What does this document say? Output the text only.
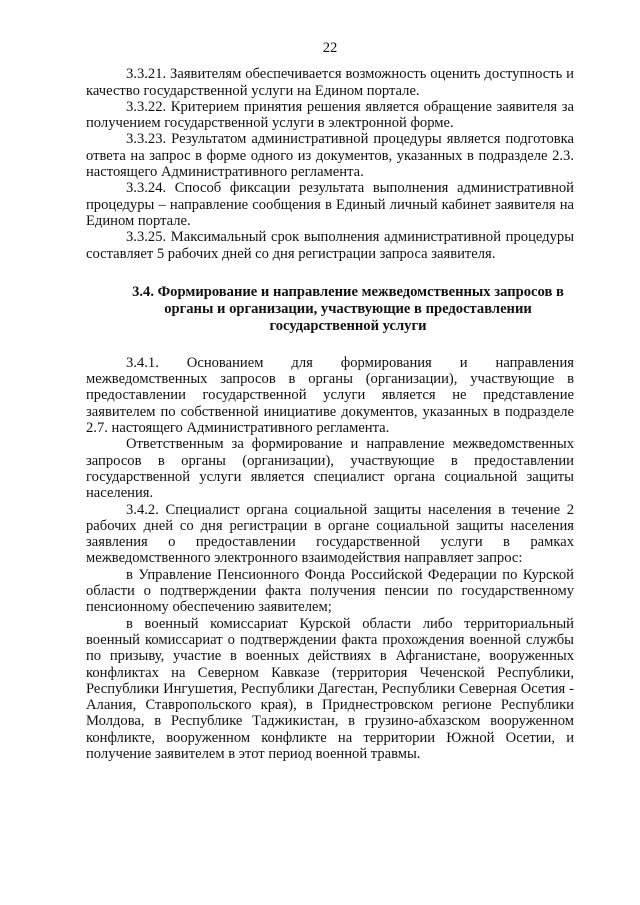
22

3.3.21. Заявителям обеспечивается возможность оценить доступность и качество государственной услуги на Едином портале.

3.3.22. Критерием принятия решения является обращение заявителя за получением государственной услуги в электронной форме.

3.3.23. Результатом административной процедуры является подготовка ответа на запрос в форме одного из документов, указанных в подразделе 2.3. настоящего Административного регламента.

3.3.24. Способ фиксации результата выполнения административной процедуры – направление сообщения в Единый личный кабинет заявителя на Едином портале.

3.3.25. Максимальный срок выполнения административной процедуры составляет 5 рабочих дней со дня регистрации запроса заявителя.

3.4. Формирование и направление межведомственных запросов в органы и организации, участвующие в предоставлении государственной услуги

3.4.1. Основанием для формирования и направления межведомственных запросов в органы (организации), участвующие в предоставлении государственной услуги является не представление заявителем по собственной инициативе документов, указанных в подразделе 2.7. настоящего Административного регламента.

Ответственным за формирование и направление межведомственных запросов в органы (организации), участвующие в предоставлении государственной услуги является специалист органа социальной защиты населения.

3.4.2. Специалист органа социальной защиты населения в течение 2 рабочих дней со дня регистрации в органе социальной защиты населения заявления о предоставлении государственной услуги в рамках межведомственного электронного взаимодействия направляет запрос:

в Управление Пенсионного Фонда Российской Федерации по Курской области о подтверждении факта получения пенсии по государственному пенсионному обеспечению заявителем;

в военный комиссариат Курской области либо территориальный военный комиссариат о подтверждении факта прохождения военной службы по призыву, участие в военных действиях в Афганистане, вооруженных конфликтах на Северном Кавказе (территория Чеченской Республики, Республики Ингушетия, Республики Дагестан, Республики Северная Осетия - Алания, Ставропольского края), в Приднестровском регионе Республики Молдова, в Республике Таджикистан, в грузино-абхазском вооруженном конфликте, вооруженном конфликте на территории Южной Осетии, и получение заявителем в этот период военной травмы.
